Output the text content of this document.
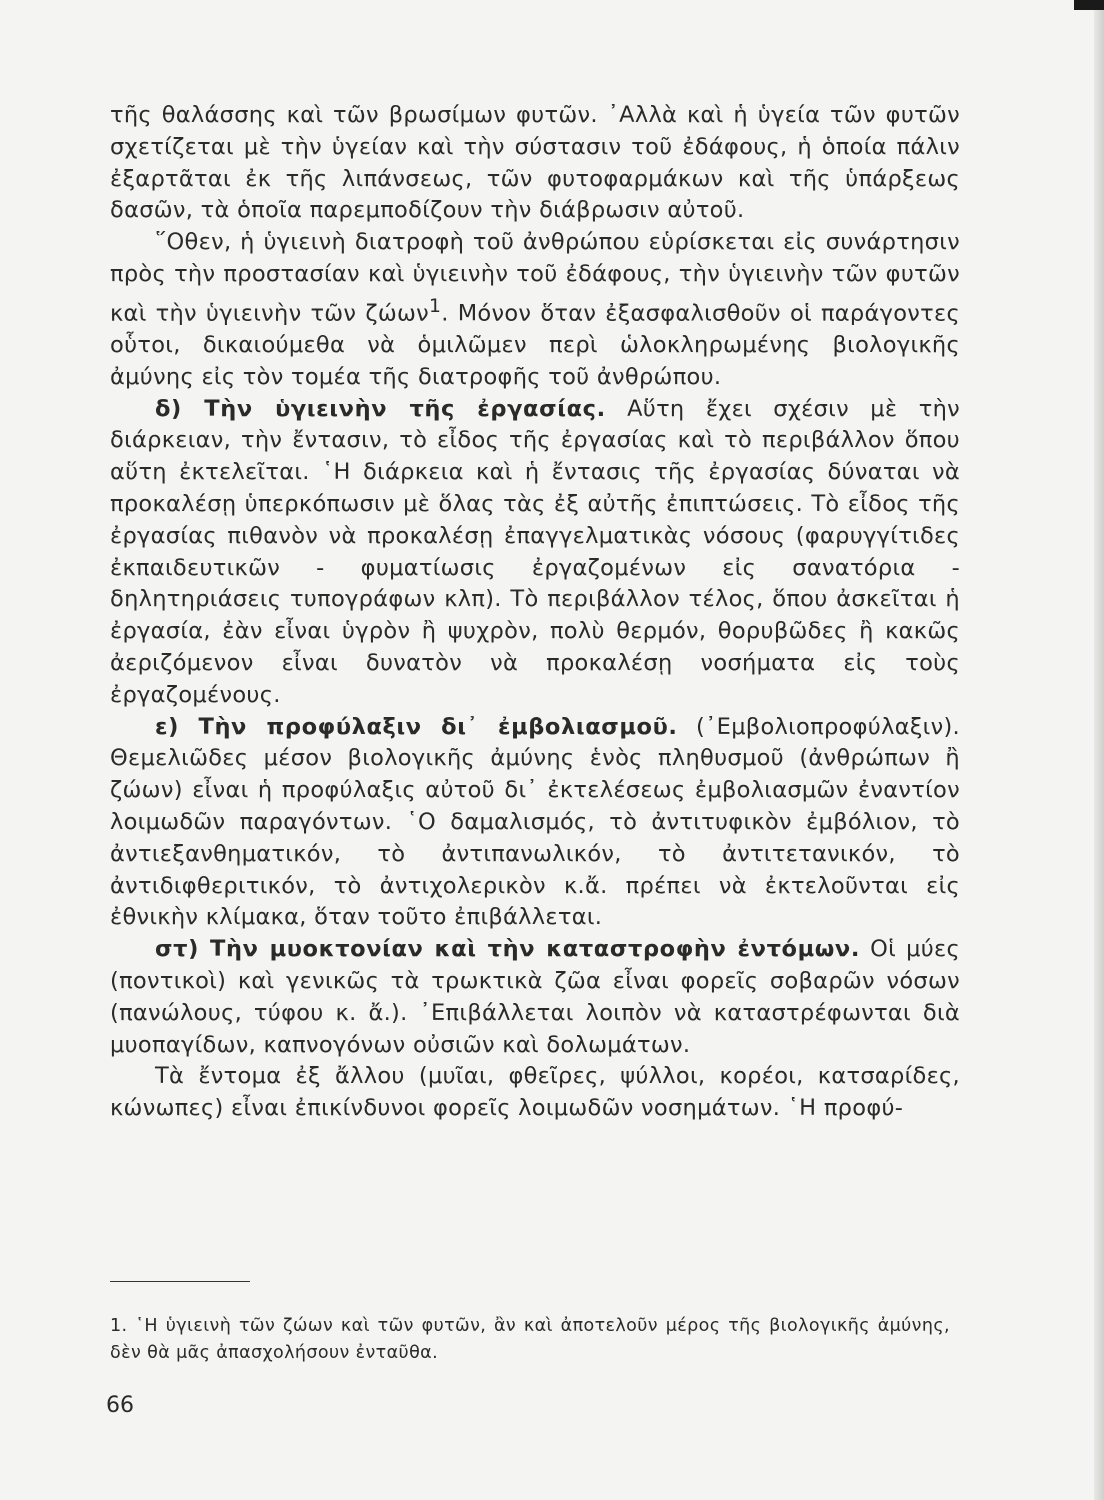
τῆς θαλάσσης καὶ τῶν βρωσίμων φυτῶν. ᾿Αλλὰ καὶ ἡ ὑγεία τῶν φυτῶν σχετίζεται μὲ τὴν ὑγείαν καὶ τὴν σύστασιν τοῦ ἐδάφους, ἡ ὁποία πάλιν ἐξαρτᾶται ἐκ τῆς λιπάνσεως, τῶν φυτοφαρμάκων καὶ τῆς ὑπάρξεως δασῶν, τὰ ὁποῖα παρεμποδίζουν τὴν διάβρωσιν αὐτοῦ.

῞Οθεν, ἡ ὑγιεινὴ διατροφὴ τοῦ ἀνθρώπου εὑρίσκεται εἰς συνάρτησιν πρὸς τὴν προστασίαν καὶ ὑγιεινὴν τοῦ ἐδάφους, τὴν ὑγιεινὴν τῶν φυτῶν καὶ τὴν ὑγιεινὴν τῶν ζώων$^1$. Μόνον ὅταν ἐξασφαλισθοῦν οἱ παράγοντες οὗτοι, δικαιούμεθα νὰ ὁμιλῶμεν περὶ ὡλοκληρωμένης βιολογικῆς ἀμύνης εἰς τὸν τομέα τῆς διατροφῆς τοῦ ἀνθρώπου.

δ) Τὴν ὑγιεινὴν τῆς ἐργασίας. Αὕτη ἔχει σχέσιν μὲ τὴν διάρκειαν, τὴν ἔντασιν, τὸ εἶδος τῆς ἐργασίας καὶ τὸ περιβάλλον ὅπου αὕτη ἐκτελεῖται. ῾Η διάρκεια καὶ ἡ ἔντασις τῆς ἐργασίας δύναται νὰ προκαλέσῃ ὑπερκόπωσιν μὲ ὅλας τὰς ἐξ αὐτῆς ἐπιπτώσεις. Τὸ εἶδος τῆς ἐργασίας πιθανὸν νὰ προκαλέσῃ ἐπαγγελματικὰς νόσους (φαρυγγίτιδες ἐκπαιδευτικῶν - φυματίωσις ἐργαζομένων εἰς σανατόρια - δηλητηριάσεις τυπογράφων κλπ). Τὸ περιβάλλον τέλος, ὅπου ἀσκεῖται ἡ ἐργασία, ἐὰν εἶναι ὑγρὸν ἢ ψυχρὸν, πολὺ θερμόν, θορυβῶδες ἢ κακῶς ἀεριζόμενον εἶναι δυνατὸν νὰ προκαλέσῃ νοσήματα εἰς τοὺς ἐργαζομένους.

ε) Τὴν προφύλαξιν δι᾿ ἐμβολιασμοῦ. (᾿Εμβολιοπροφύλαξιν). Θεμελιῶδες μέσον βιολογικῆς ἀμύνης ἑνὸς πληθυσμοῦ (ἀνθρώπων ἢ ζώων) εἶναι ἡ προφύλαξις αὐτοῦ δι᾿ ἐκτελέσεως ἐμβολιασμῶν ἐναντίον λοιμωδῶν παραγόντων. ῾Ο δαμαλισμός, τὸ ἀντιτυφικὸν ἐμβόλιον, τὸ ἀντιεξανθηματικόν, τὸ ἀντιπανωλικόν, τὸ ἀντιτετανικόν, τὸ ἀντιδιφθεριτικόν, τὸ ἀντιχολερικὸν κ.ἄ. πρέπει νὰ ἐκτελοῦνται εἰς ἐθνικὴν κλίμακα, ὅταν τοῦτο ἐπιβάλλεται.

στ) Τὴν μυοκτονίαν καὶ τὴν καταστροφὴν ἐντόμων. Οἱ μύες (ποντικοὶ) καὶ γενικῶς τὰ τρωκτικὰ ζῶα εἶναι φορεῖς σοβαρῶν νόσων (πανώλους, τύφου κ. ἄ.). ᾿Επιβάλλεται λοιπὸν νὰ καταστρέφωνται διὰ μυοπαγίδων, καπνογόνων οὐσιῶν καὶ δολωμάτων.

Τὰ ἔντομα ἐξ ἄλλου (μυῖαι, φθεῖρες, ψύλλοι, κορέοι, κατσαρίδες, κώνωπες) εἶναι ἐπικίνδυνοι φορεῖς λοιμωδῶν νοσημάτων. ῾Η προφύ-

1. ῾Η ὑγιεινὴ τῶν ζώων καὶ τῶν φυτῶν, ἂν καὶ ἀποτελοῦν μέρος τῆς βιολογικῆς ἀμύνης, δὲν θὰ μᾶς ἀπασχολήσουν ἐνταῦθα.
66
